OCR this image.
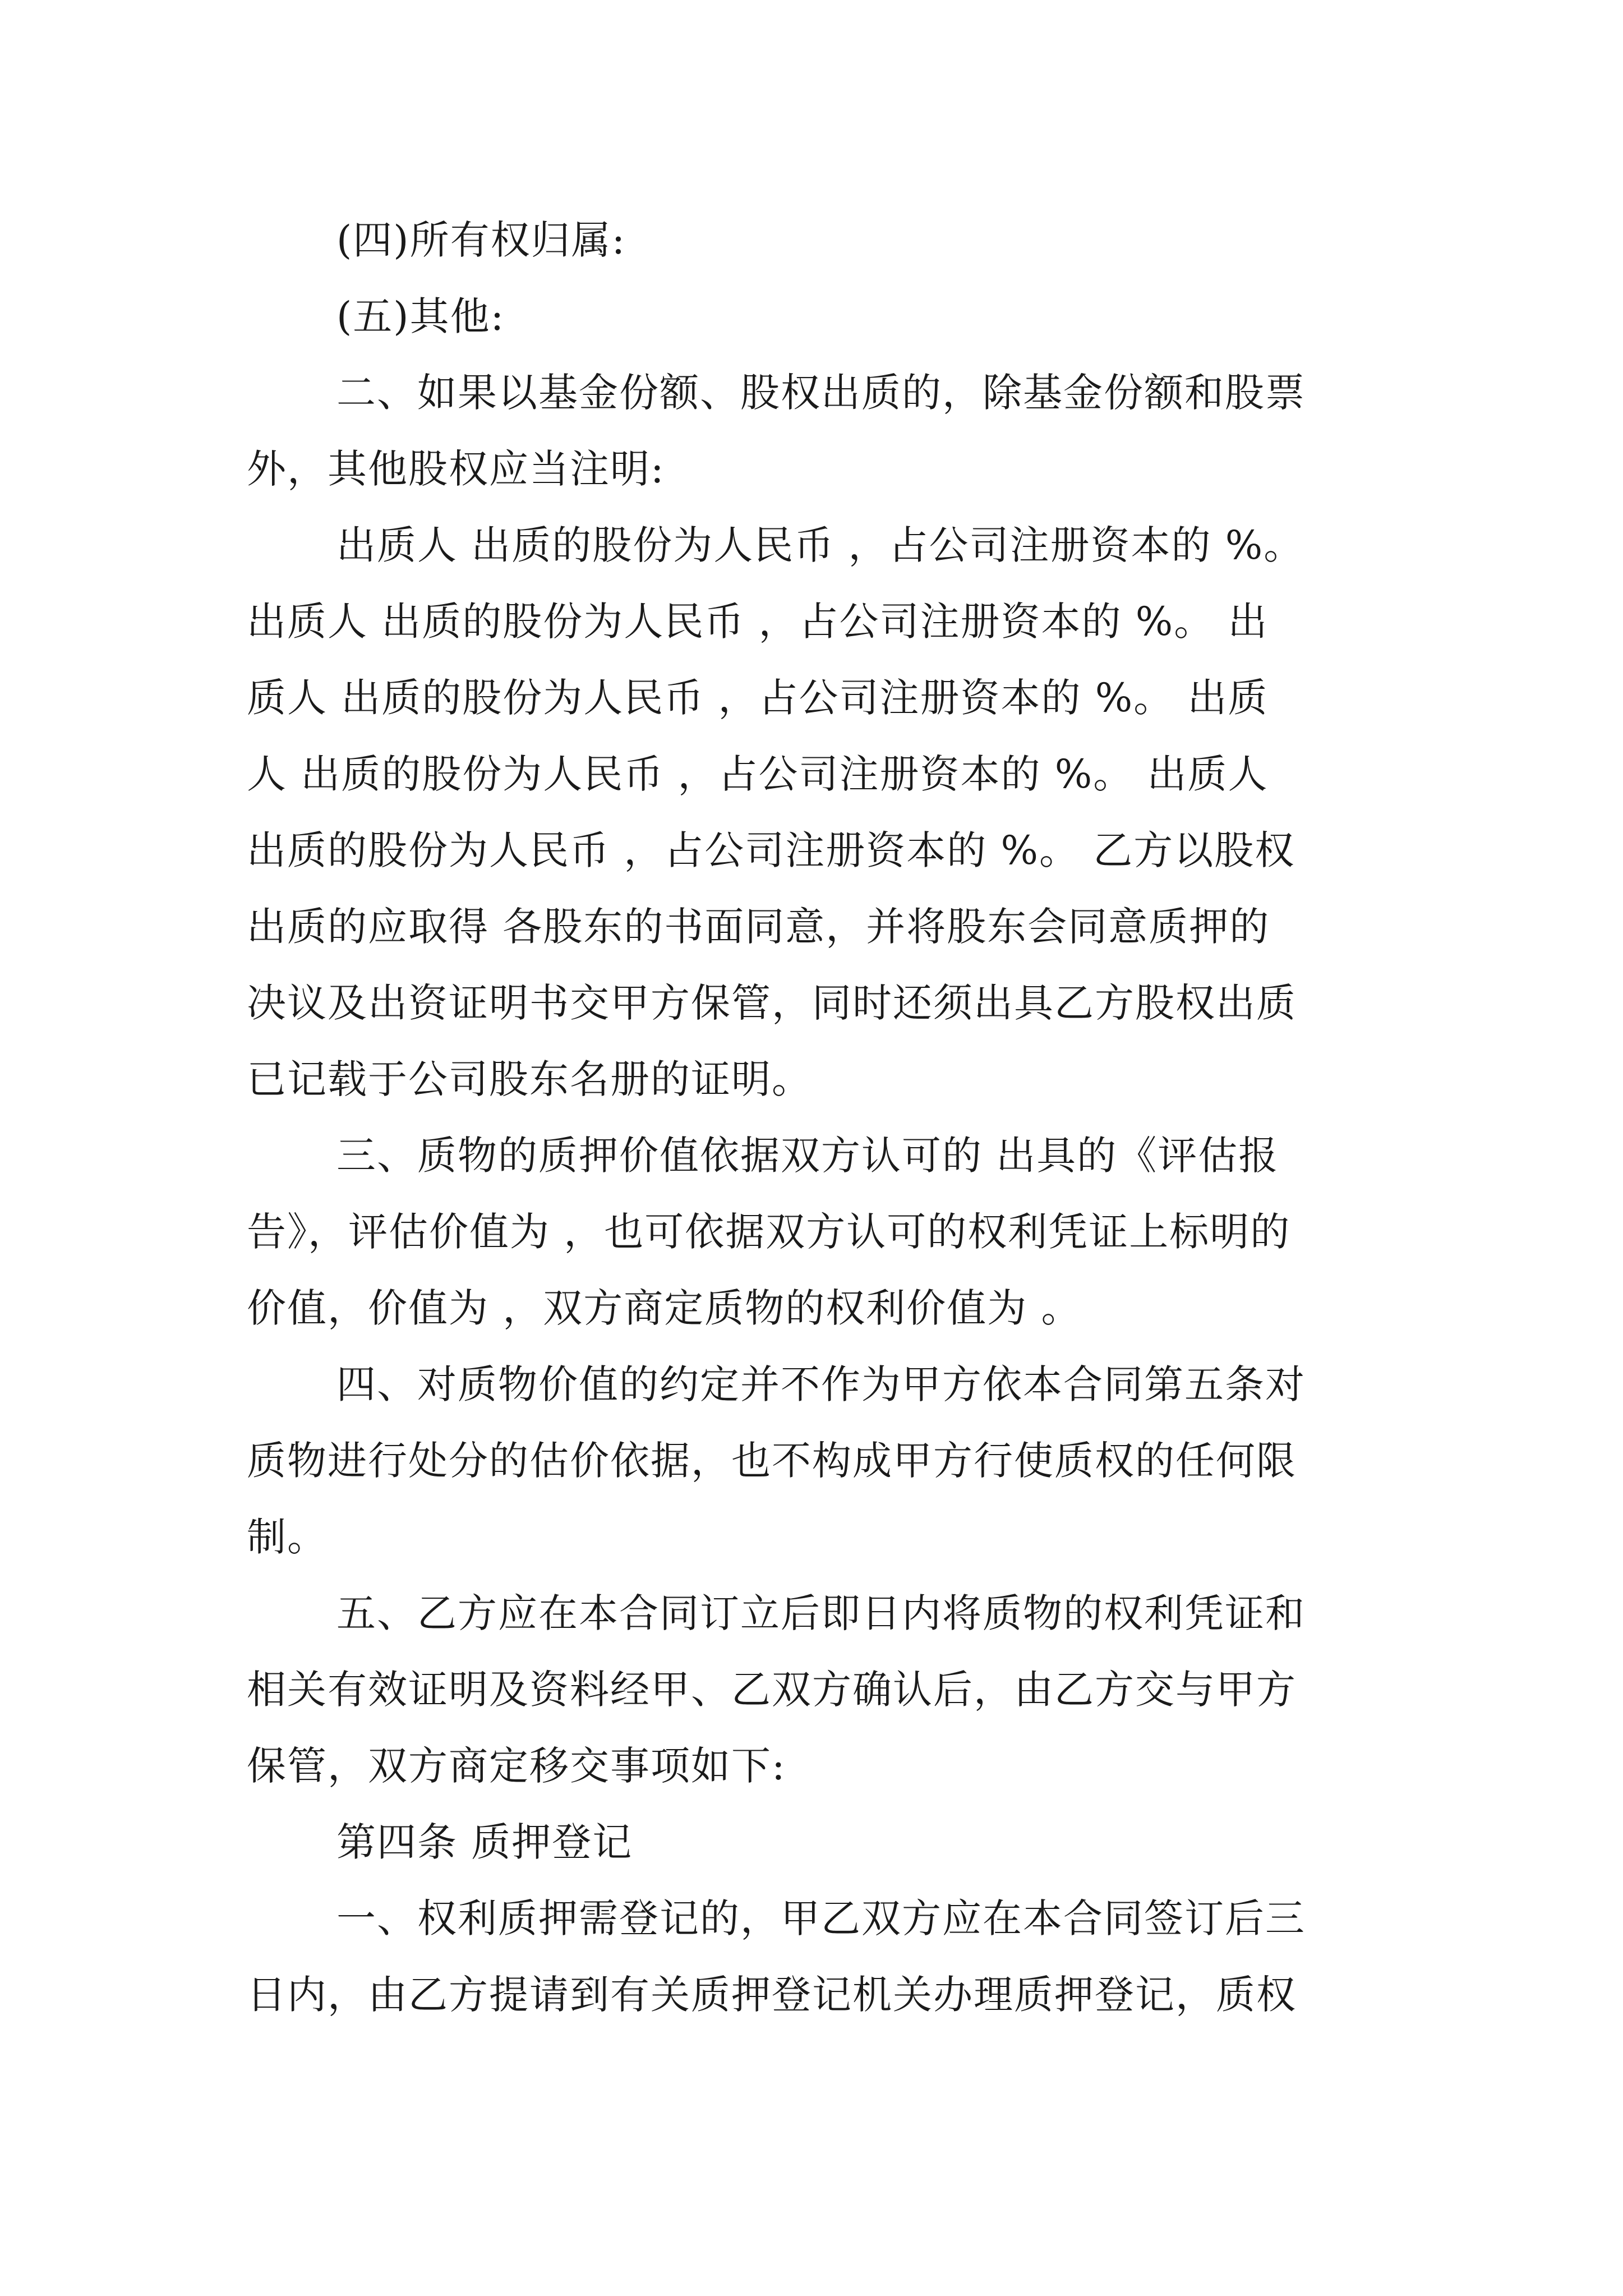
(四)所有权归属:
(五)其他:
二、如果以基金份额、股权出质的，除基金份额和股票
外，其他股权应当注明:
出质人 出质的股份为人民币 ，占公司注册资本的 %。
出质人 出质的股份为人民币 ，占公司注册资本的 %。 出
质人 出质的股份为人民币 ，占公司注册资本的 %。 出质
人 出质的股份为人民币 ，占公司注册资本的 %。 出质人
出质的股份为人民币 ，占公司注册资本的 %。 乙方以股权
出质的应取得 各股东的书面同意，并将股东会同意质押的
决议及出资证明书交甲方保管，同时还须出具乙方股权出质
已记载于公司股东名册的证明。
三、质物的质押价值依据双方认可的 出具的《评估报
告》，评估价值为 ，也可依据双方认可的权利凭证上标明的
价值，价值为 ，双方商定质物的权利价值为 。
四、对质物价值的约定并不作为甲方依本合同第五条对
质物进行处分的估价依据，也不构成甲方行使质权的任何限
制。
五、乙方应在本合同订立后即日内将质物的权利凭证和
相关有效证明及资料经甲、乙双方确认后，由乙方交与甲方
保管，双方商定移交事项如下:
第四条 质押登记
一、权利质押需登记的，甲乙双方应在本合同签订后三
日内，由乙方提请到有关质押登记机关办理质押登记，质权
